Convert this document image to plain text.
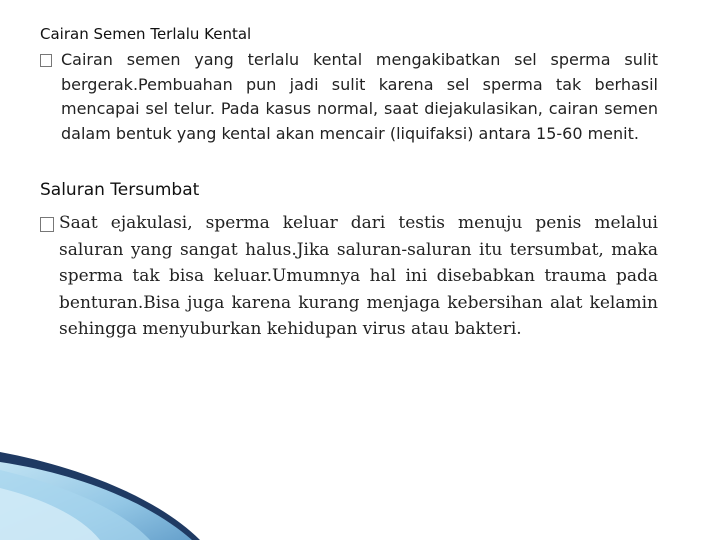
Cairan Semen Terlalu Kental
Cairan semen yang terlalu kental mengakibatkan sel sperma sulit bergerak.Pembuahan pun jadi sulit karena sel sperma tak berhasil mencapai sel telur. Pada kasus normal, saat diejakulasikan, cairan semen dalam bentuk yang kental akan mencair (liquifaksi) antara 15-60 menit.
Saluran Tersumbat
Saat ejakulasi, sperma keluar dari testis menuju penis melalui saluran yang sangat halus.Jika saluran-saluran itu tersumbat, maka sperma tak bisa keluar.Umumnya hal ini disebabkan trauma pada benturan.Bisa juga karena kurang menjaga kebersihan alat kelamin sehingga menyuburkan kehidupan virus atau bakteri.
